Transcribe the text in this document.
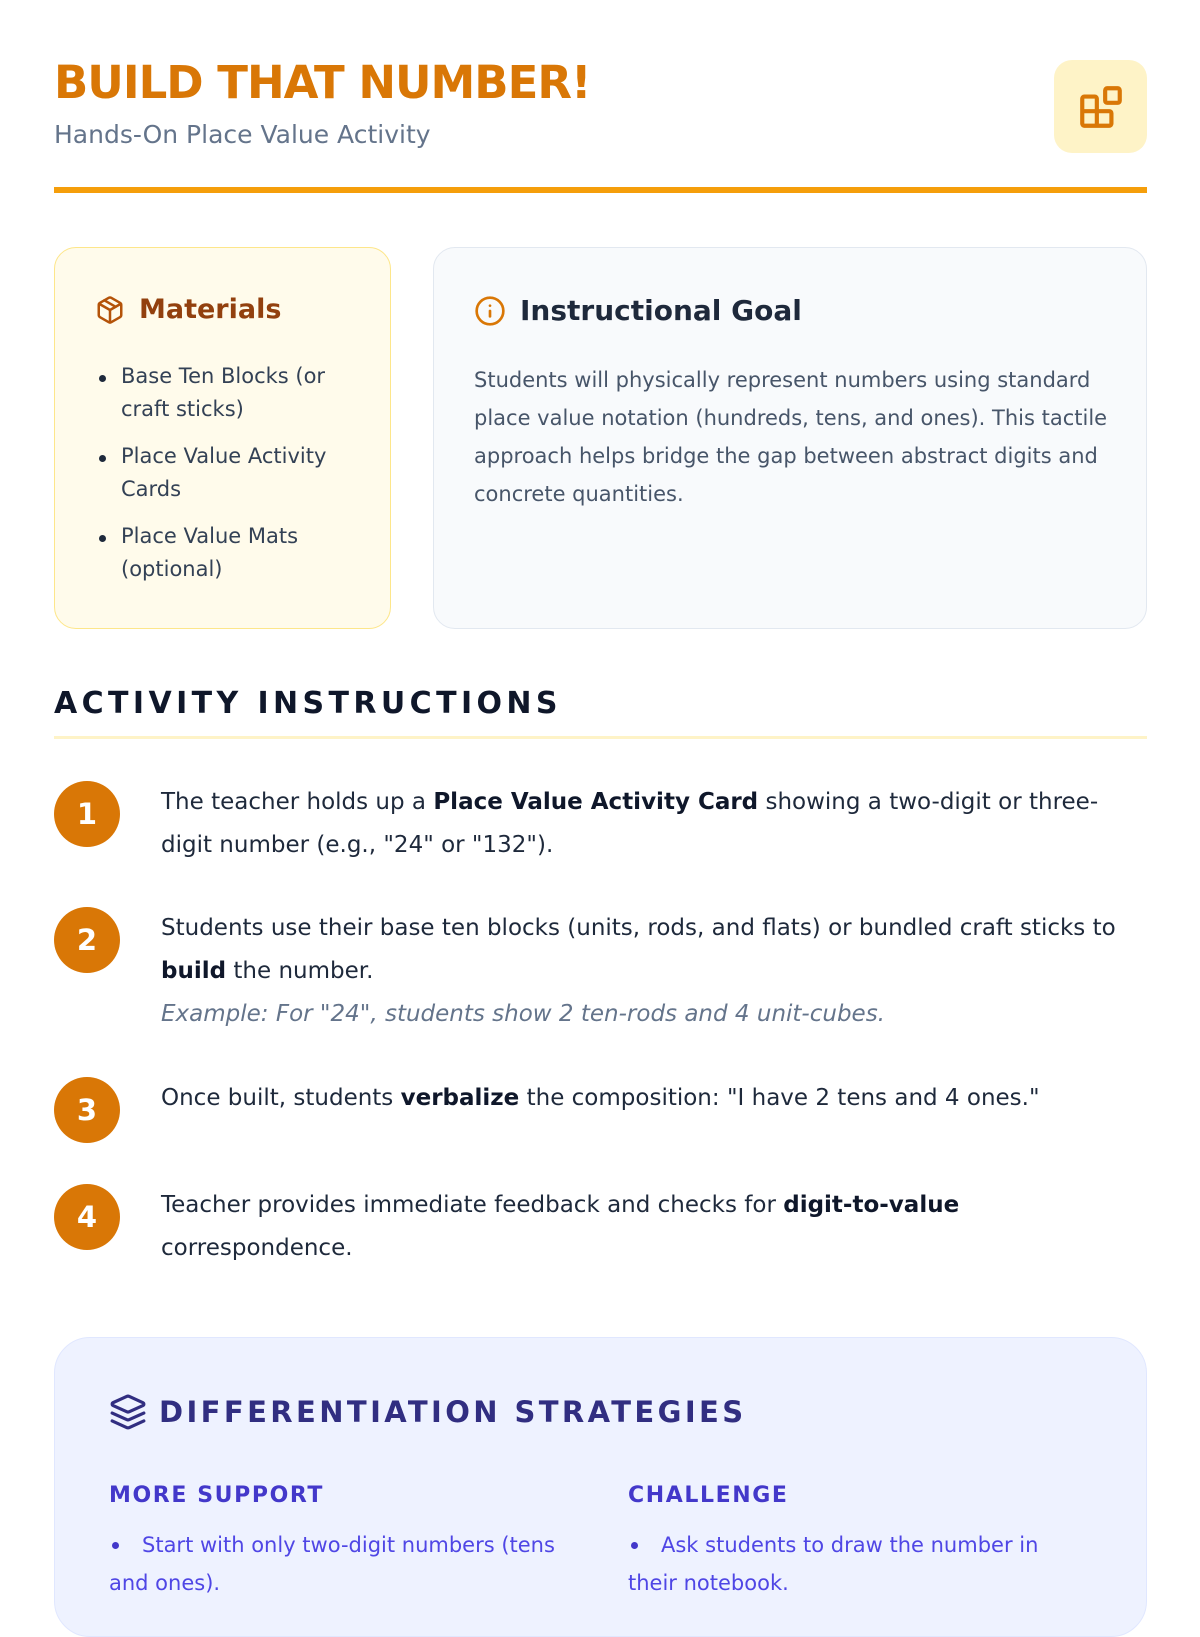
BUILD THAT NUMBER!
Hands-On Place Value Activity
Materials
Base Ten Blocks (or craft sticks)
Place Value Activity Cards
Place Value Mats (optional)
Instructional Goal

Students will physically represent numbers using standard place value notation (hundreds, tens, and ones). This tactile approach helps bridge the gap between abstract digits and concrete quantities.

ACTIVITY INSTRUCTIONS
1	The teacher holds up a Place Value Activity Card showing a two-digit or three-digit number (e.g., "24" or "132").

2	Students use their base ten blocks (units, rods, and flats) or bundled craft sticks to build the number.
Example: For "24", students show 2 ten-rods and 4 unit-cubes.

3	Once built, students verbalize the composition: "I have 2 tens and 4 ones."

4	Teacher provides immediate feedback and checks for digit-to-value correspondence.

DIFFERENTIATION STRATEGIES
MORE SUPPORT
Start with only two-digit numbers (tens and ones).
CHALLENGE
Ask students to draw the number in their notebook.
